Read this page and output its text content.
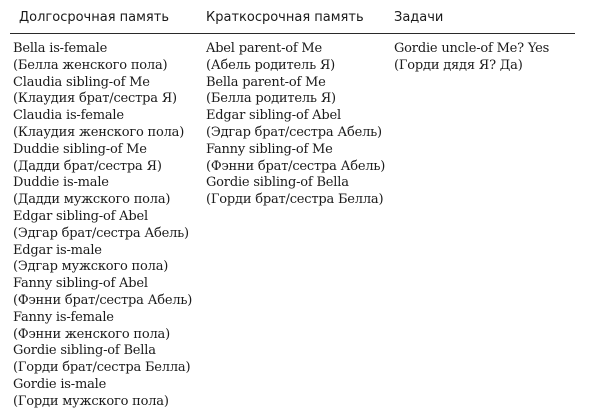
Долгосрочная память	Краткосрочная память Задачи
Bella is-female
(Белла женского пола)
Claudia sibling-of Me
(Клаудия брат/сестра Я)
Claudia is-female
(Клаудия женского пола)
Duddie sibling-of Me
(Дадди брат/сестра Я)
Duddie is-male
(Дадди мужского пола)
Edgar sibling-of Abel
(Эдгар брат/сестра Абель)
Edgar is-male
(Эдгар мужского пола)
Fanny sibling-of Abel
(Фэнни брат/сестра Абель)
Fanny is-female
(Фэнни женского пола)
Gordie sibling-of Bella
(Горди брат/сестра Белла)
Gordie is-male
(Горди мужского пола)
Abel parent-of Me
(Абель родитель Я)
Bella parent-of Me
(Белла родитель Я)
Edgar sibling-of Abel
(Эдгар брат/сестра Абель)
Fanny sibling-of Me
(Фэнни брат/сестра Абель)
Gordie sibling-of Bella
(Горди брат/сестра Белла)
Gordie uncle-of Me? Yes
(Горди дядя Я? Да)
